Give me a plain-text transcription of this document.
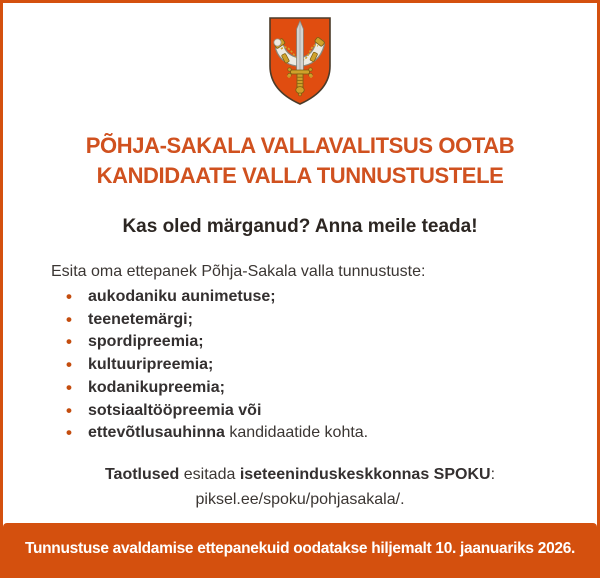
PÕHJA-SAKALA VALLAVALITSUS OOTAB
KANDIDAATE VALLA TUNNUSTUSTELE
Kas oled märganud? Anna meile teada!

Esita oma ettepanek Põhja-Sakala valla tunnustuste:

• aukodaniku aunimetuse;
• teenetemärgi;
• spordipreemia;
• kultuuripreemia;
• kodanikupreemia;
• sotsiaaltööpreemia või
• ettevõtlusauhinna kandidaatide kohta.

Taotlused esitada iseteeninduskeskkonnas SPOKU:
piksel.ee/spoku/pohjasakala/.

Tunnustuse avaldamise ettepanekuid oodatakse hiljemalt 10. jaanuariks 2026.
